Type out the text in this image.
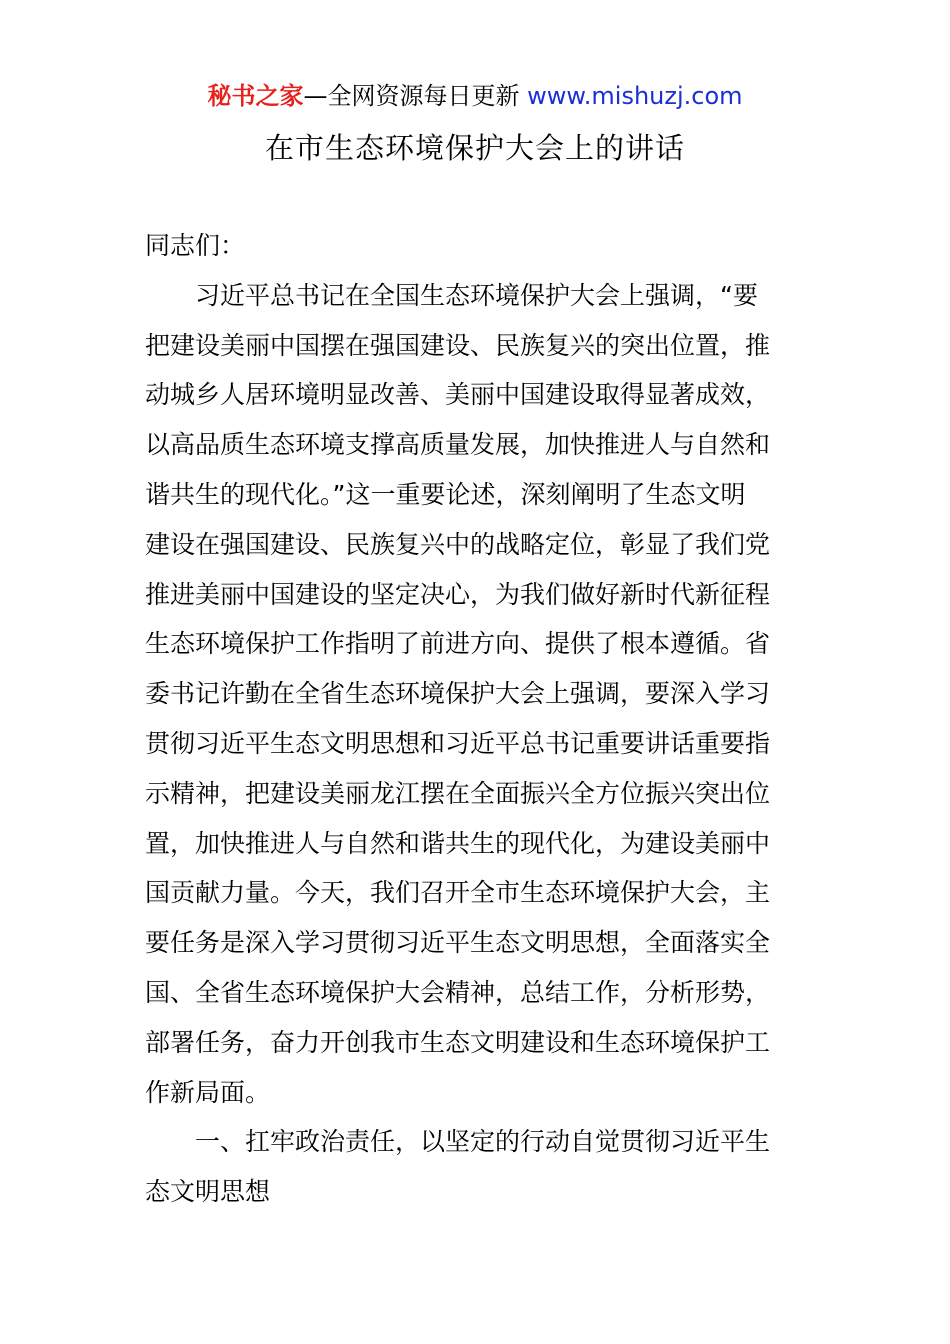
秘书之家—全网资源每日更新 www.mishuzj.com
在市生态环境保护大会上的讲话

同志们：

习近平总书记在全国生态环境保护大会上强调，“要
把建设美丽中国摆在强国建设、民族复兴的突出位置，推
动城乡人居环境明显改善、美丽中国建设取得显著成效，
以高品质生态环境支撑高质量发展，加快推进人与自然和
谐共生的现代化。”这一重要论述，深刻阐明了生态文明
建设在强国建设、民族复兴中的战略定位，彰显了我们党
推进美丽中国建设的坚定决心，为我们做好新时代新征程
生态环境保护工作指明了前进方向、提供了根本遵循。省
委书记许勤在全省生态环境保护大会上强调，要深入学习
贯彻习近平生态文明思想和习近平总书记重要讲话重要指
示精神，把建设美丽龙江摆在全面振兴全方位振兴突出位
置，加快推进人与自然和谐共生的现代化，为建设美丽中
国贡献力量。今天，我们召开全市生态环境保护大会，主
要任务是深入学习贯彻习近平生态文明思想，全面落实全
国、全省生态环境保护大会精神，总结工作，分析形势，
部署任务，奋力开创我市生态文明建设和生态环境保护工
作新局面。

一、扛牢政治责任，以坚定的行动自觉贯彻习近平生
态文明思想
